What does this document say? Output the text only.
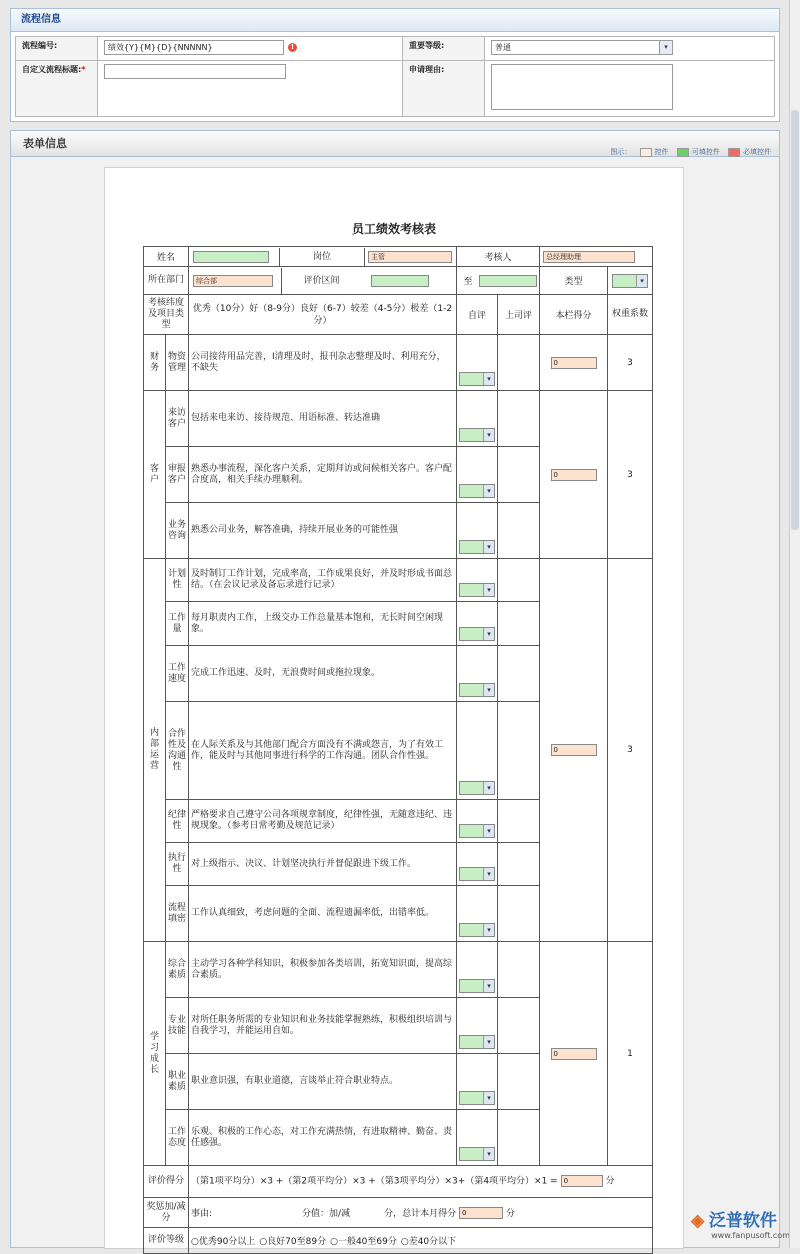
流程信息
流程编号:	绩效{Y}{M}{D}{NNNNN} !	重要等级:	普通 ▾

自定义流程标题:*		申请理由:	
表单信息
图示：	控件	可填控件	必填控件
员工绩效考核表
姓名		岗位 主管	考核人		总经理助理	
所在部门		综合部 评价区间	至		类型	▾

考核纬度及项目类型		优秀（10分）好（8-9分）良好（6-7）较差（4-5分）极差（1-2分）	自评	上司评	本栏得分	权重系数
财务	物资管理	公司接待用品完善，I清理及时，报刊杂志整理及时、利用充分，不缺失	▾		0	3
客户	来访客户	包括来电来访、接待规范、用语标准、转达准确	▾		0	3
	审报客户	熟悉办事流程，深化客户关系，定期拜访或问候相关客户。客户配合度高，相关手续办理顺利。	▾			

	业务咨询	熟悉公司业务，解答准确，持续开展业务的可能性强	▾			

内部运营	计划性	及时制订工作计划，完成率高，工作成果良好，并及时形成书面总结。（在会议记录及备忘录进行记录）	▾		0	3
	工作量	每月职责内工作，上级交办工作总量基本饱和，无长时间空闲现象。	▾			

	工作速度	完成工作迅速、及时，无浪费时间或拖拉现象。	▾			

	合作性及沟通性	在人际关系及与其他部门配合方面没有不满或怨言，为了有效工作，能及时与其他同事进行科学的工作沟通。团队合作性强。	▾			

	纪律性	严格要求自己遵守公司各项规章制度，纪律性强，无随意违纪、违规现象。（参考日常考勤及规范记录）	▾			

	执行性	对上级指示、决议、计划坚决执行并督促跟进下级工作。	▾			

	流程填密	工作认真细致，考虑问题的全面、流程遗漏率低，出错率低。	▾			

学习成长	综合素质	主动学习各种学科知识，积极参加各类培训，拓宽知识面，提高综合素质。	▾		0	1
	专业技能	对所任职务所需的专业知识和业务技能掌握熟练，积极组织培训与自我学习，并能运用自如。	▾			

	职业素质	职业意识强，有职业道德，言谈举止符合职业特点。	▾			

	工作态度	乐观、积极的工作心态，对工作充满热情，有进取精神、勤奋、责任感强。	▾			

评价得分		（第1项平均分）×3 +（第2项平均分）×3 +（第3项平均分）×3+（第4项平均分）×1 = 0 分				
奖惩加/减分		事由: 分值：加/减 分，总计本月得分 0 分				
评价等级		○优秀90分以上 ○良好70至89分 ○一般40至69分 ○差40分以下				
◈ 泛普软件
www.fanpusoft.com
